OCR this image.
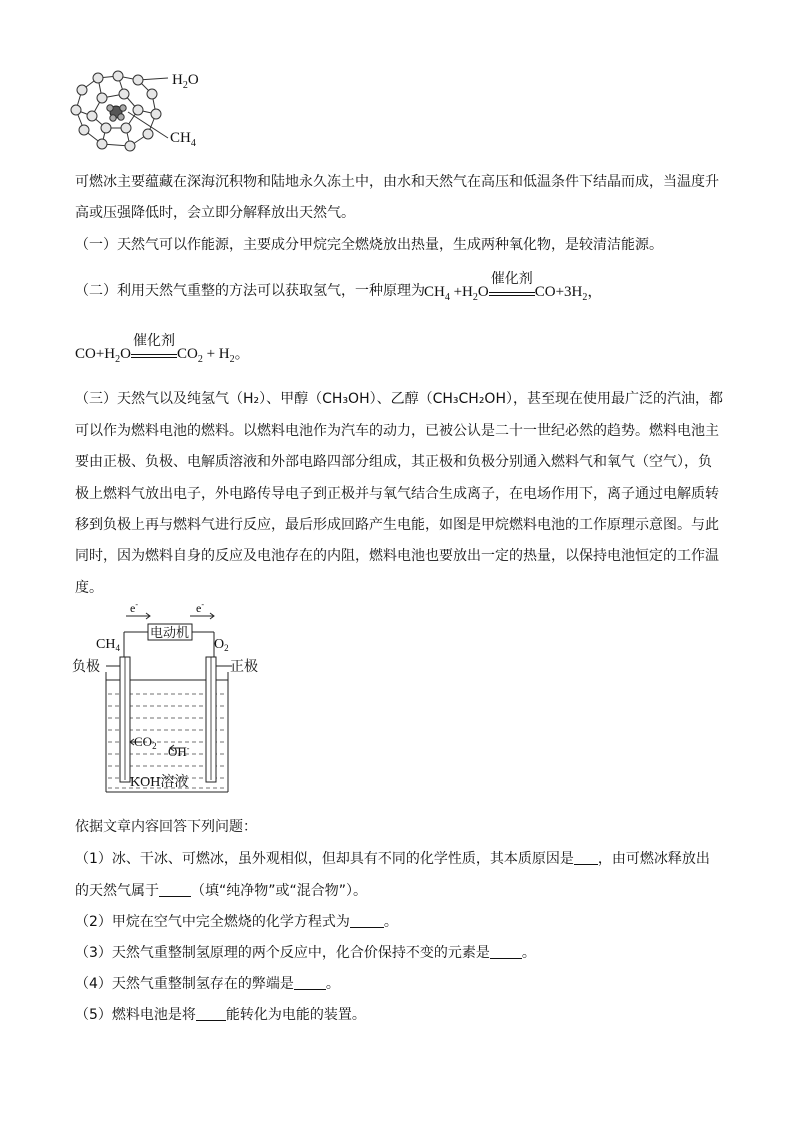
$H_2O$
$CH_4$
可燃冰主要蕴藏在深海沉积物和陆地永久冻土中，由水和天然气在高压和低温条件下结晶而成，当温度升
高或压强降低时，会立即分解释放出天然气。
（一）天然气可以作能源，主要成分甲烷完全燃烧放出热量，生成两种氧化物，是较清洁能源。
（二）利用天然气重整的方法可以获取氢气，一种原理为 $CH_4 +H_2O$
催化剂
$CO+3H_2$，
$CO+H_2O$
催化剂
$CO_2 + H_2$。
（三）天然气以及纯氢气（H₂）、甲醇（CH₃OH）、乙醇（CH₃CH₂OH），甚至现在使用最广泛的汽油，都
可以作为燃料电池的燃料。以燃料电池作为汽车的动力，已被公认是二十一世纪必然的趋势。燃料电池主
要由正极、负极、电解质溶液和外部电路四部分组成，其正极和负极分别通入燃料气和氧气（空气），负
极上燃料气放出电子，外电路传导电子到正极并与氧气结合生成离子，在电场作用下，离子通过电解质转
移到负极上再与燃料气进行反应，最后形成回路产生电能，如图是甲烷燃料电池的工作原理示意图。与此
同时，因为燃料自身的反应及电池存在的内阻，燃料电池也要放出一定的热量，以保持电池恒定的工作温
度。
e-	e-
电动机
$CH_4$	$O_2$
负极	正极
$CO_2$ OH-
KOH溶液
依据文章内容回答下列问题：
（1）冰、干冰、可燃冰，虽外观相似，但却具有不同的化学性质，其本质原因是 ，由可燃冰释放出
的天然气属于 （填“纯净物”或“混合物”）。
（2）甲烷在空气中完全燃烧的化学方程式为 。
（3）天然气重整制氢原理的两个反应中，化合价保持不变的元素是 。
（4）天然气重整制氢存在的弊端是 。
（5）燃料电池是将 能转化为电能的装置。
